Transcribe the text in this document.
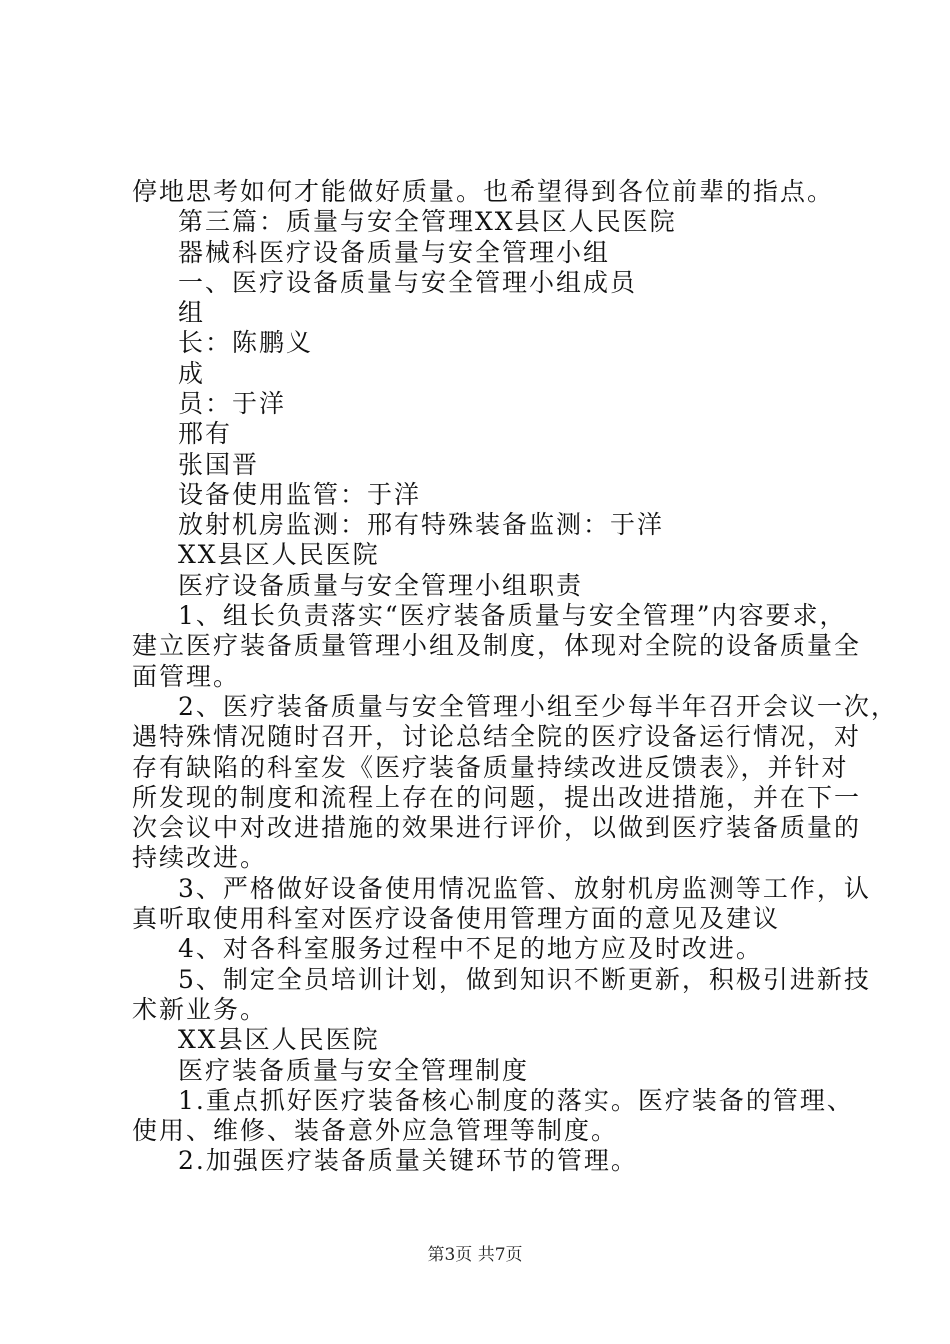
停地思考如何才能做好质量。也希望得到各位前辈的指点。
第三篇：质量与安全管理XX县区人民医院
器械科医疗设备质量与安全管理小组
一、医疗设备质量与安全管理小组成员
组
长：陈鹏义
成
员：于洋
邢有
张国晋
设备使用监管：于洋
放射机房监测：邢有特殊装备监测：于洋
XX县区人民医院
医疗设备质量与安全管理小组职责
1、组长负责落实“医疗装备质量与安全管理”内容要求，
建立医疗装备质量管理小组及制度，体现对全院的设备质量全
面管理。
2、医疗装备质量与安全管理小组至少每半年召开会议一次，
遇特殊情况随时召开，讨论总结全院的医疗设备运行情况，对
存有缺陷的科室发《医疗装备质量持续改进反馈表》，并针对
所发现的制度和流程上存在的问题，提出改进措施，并在下一
次会议中对改进措施的效果进行评价，以做到医疗装备质量的
持续改进。
3、严格做好设备使用情况监管、放射机房监测等工作，认
真听取使用科室对医疗设备使用管理方面的意见及建议
4、对各科室服务过程中不足的地方应及时改进。
5、制定全员培训计划，做到知识不断更新，积极引进新技
术新业务。
XX县区人民医院
医疗装备质量与安全管理制度
1.重点抓好医疗装备核心制度的落实。医疗装备的管理、
使用、维修、装备意外应急管理等制度。
2.加强医疗装备质量关键环节的管理。
第3页 共7页
